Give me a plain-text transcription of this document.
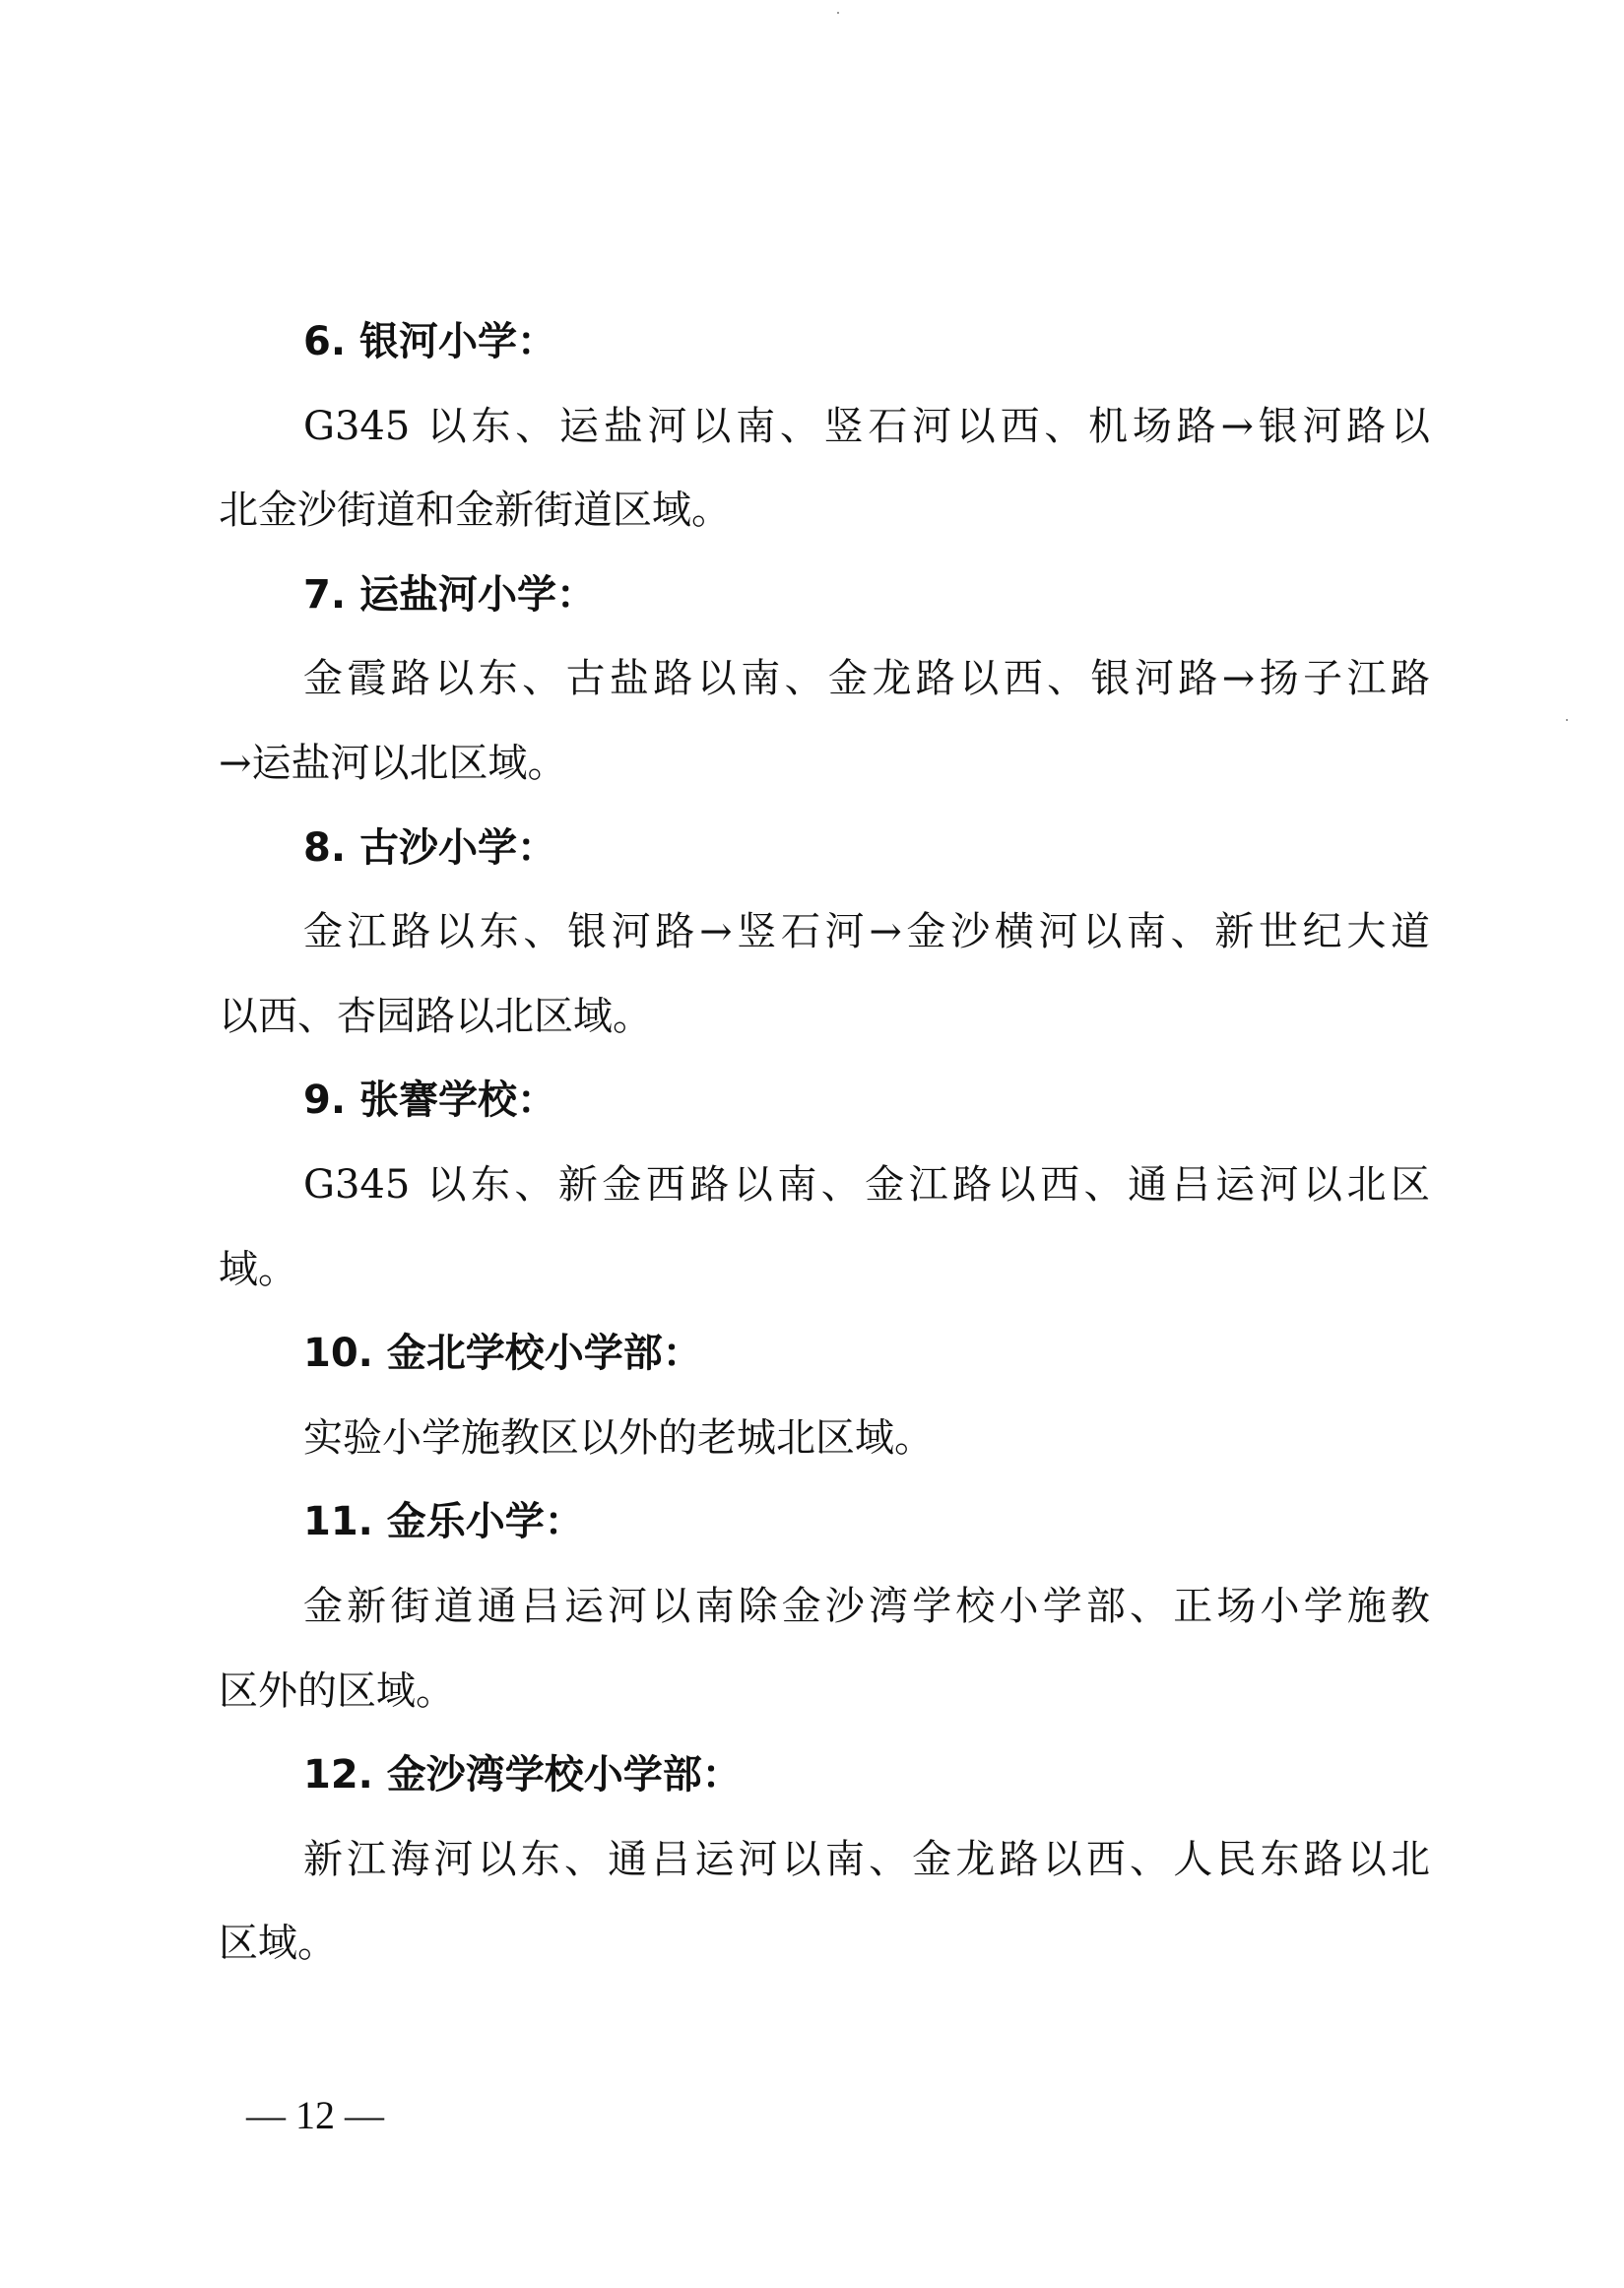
6. 银河小学：
G345 以东、运盐河以南、竖石河以西、机场路→银河路以
北金沙街道和金新街道区域。
7. 运盐河小学：
金霞路以东、古盐路以南、金龙路以西、银河路→扬子江路
→运盐河以北区域。
8. 古沙小学：
金江路以东、银河路→竖石河→金沙横河以南、新世纪大道
以西、杏园路以北区域。
9. 张謇学校：
G345 以东、新金西路以南、金江路以西、通吕运河以北区
域。
10. 金北学校小学部：
实验小学施教区以外的老城北区域。
11. 金乐小学：
金新街道通吕运河以南除金沙湾学校小学部、正场小学施教
区外的区域。
12. 金沙湾学校小学部：
新江海河以东、通吕运河以南、金龙路以西、人民东路以北
区域。
— 12 —
